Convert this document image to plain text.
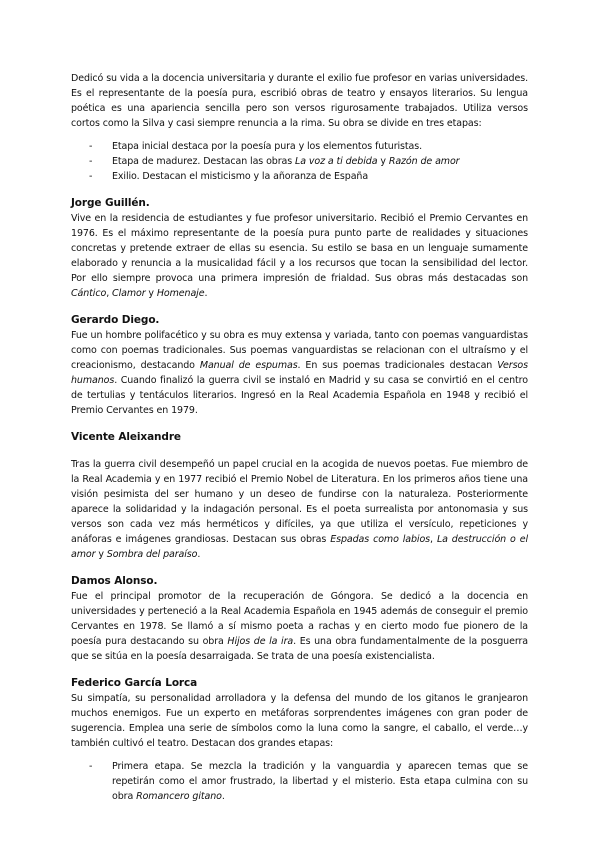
Dedicó su vida a la docencia universitaria y durante el exilio fue profesor en varias universidades. Es el representante de la poesía pura, escribió obras de teatro y ensayos literarios. Su lengua poética es una apariencia sencilla pero son versos rigurosamente trabajados. Utiliza versos cortos como la Silva y casi siempre renuncia a la rima. Su obra se divide en tres etapas:

- Etapa inicial destaca por la poesía pura y los elementos futuristas.
- Etapa de madurez. Destacan las obras La voz a ti debida y Razón de amor
- Exilio. Destacan el misticismo y la añoranza de España
Jorge Guillén.

Vive en la residencia de estudiantes y fue profesor universitario. Recibió el Premio Cervantes en 1976. Es el máximo representante de la poesía pura punto parte de realidades y situaciones concretas y pretende extraer de ellas su esencia. Su estilo se basa en un lenguaje sumamente elaborado y renuncia a la musicalidad fácil y a los recursos que tocan la sensibilidad del lector. Por ello siempre provoca una primera impresión de frialdad. Sus obras más destacadas son Cántico, Clamor y Homenaje.

Gerardo Diego.

Fue un hombre polifacético y su obra es muy extensa y variada, tanto con poemas vanguardistas como con poemas tradicionales. Sus poemas vanguardistas se relacionan con el ultraísmo y el creacionismo, destacando Manual de espumas. En sus poemas tradicionales destacan Versos humanos. Cuando finalizó la guerra civil se instaló en Madrid y su casa se convirtió en el centro de tertulias y tentáculos literarios. Ingresó en la Real Academia Española en 1948 y recibió el Premio Cervantes en 1979.

Vicente Aleixandre

Tras la guerra civil desempeñó un papel crucial en la acogida de nuevos poetas. Fue miembro de la Real Academia y en 1977 recibió el Premio Nobel de Literatura. En los primeros años tiene una visión pesimista del ser humano y un deseo de fundirse con la naturaleza. Posteriormente aparece la solidaridad y la indagación personal. Es el poeta surrealista por antonomasia y sus versos son cada vez más herméticos y difíciles, ya que utiliza el versículo, repeticiones y anáforas e imágenes grandiosas. Destacan sus obras Espadas como labios, La destrucción o el amor y Sombra del paraíso.

Damos Alonso.

Fue el principal promotor de la recuperación de Góngora. Se dedicó a la docencia en universidades y perteneció a la Real Academia Española en 1945 además de conseguir el premio Cervantes en 1978. Se llamó a sí mismo poeta a rachas y en cierto modo fue pionero de la poesía pura destacando su obra Hijos de la ira. Es una obra fundamentalmente de la posguerra que se sitúa en la poesía desarraigada. Se trata de una poesía existencialista.

Federico García Lorca

Su simpatía, su personalidad arrolladora y la defensa del mundo de los gitanos le granjearon muchos enemigos. Fue un experto en metáforas sorprendentes imágenes con gran poder de sugerencia. Emplea una serie de símbolos como la luna como la sangre, el caballo, el verde…y también cultivó el teatro. Destacan dos grandes etapas:

- Primera etapa. Se mezcla la tradición y la vanguardia y aparecen temas que se repetirán como el amor frustrado, la libertad y el misterio. Esta etapa culmina con su obra Romancero gitano.
